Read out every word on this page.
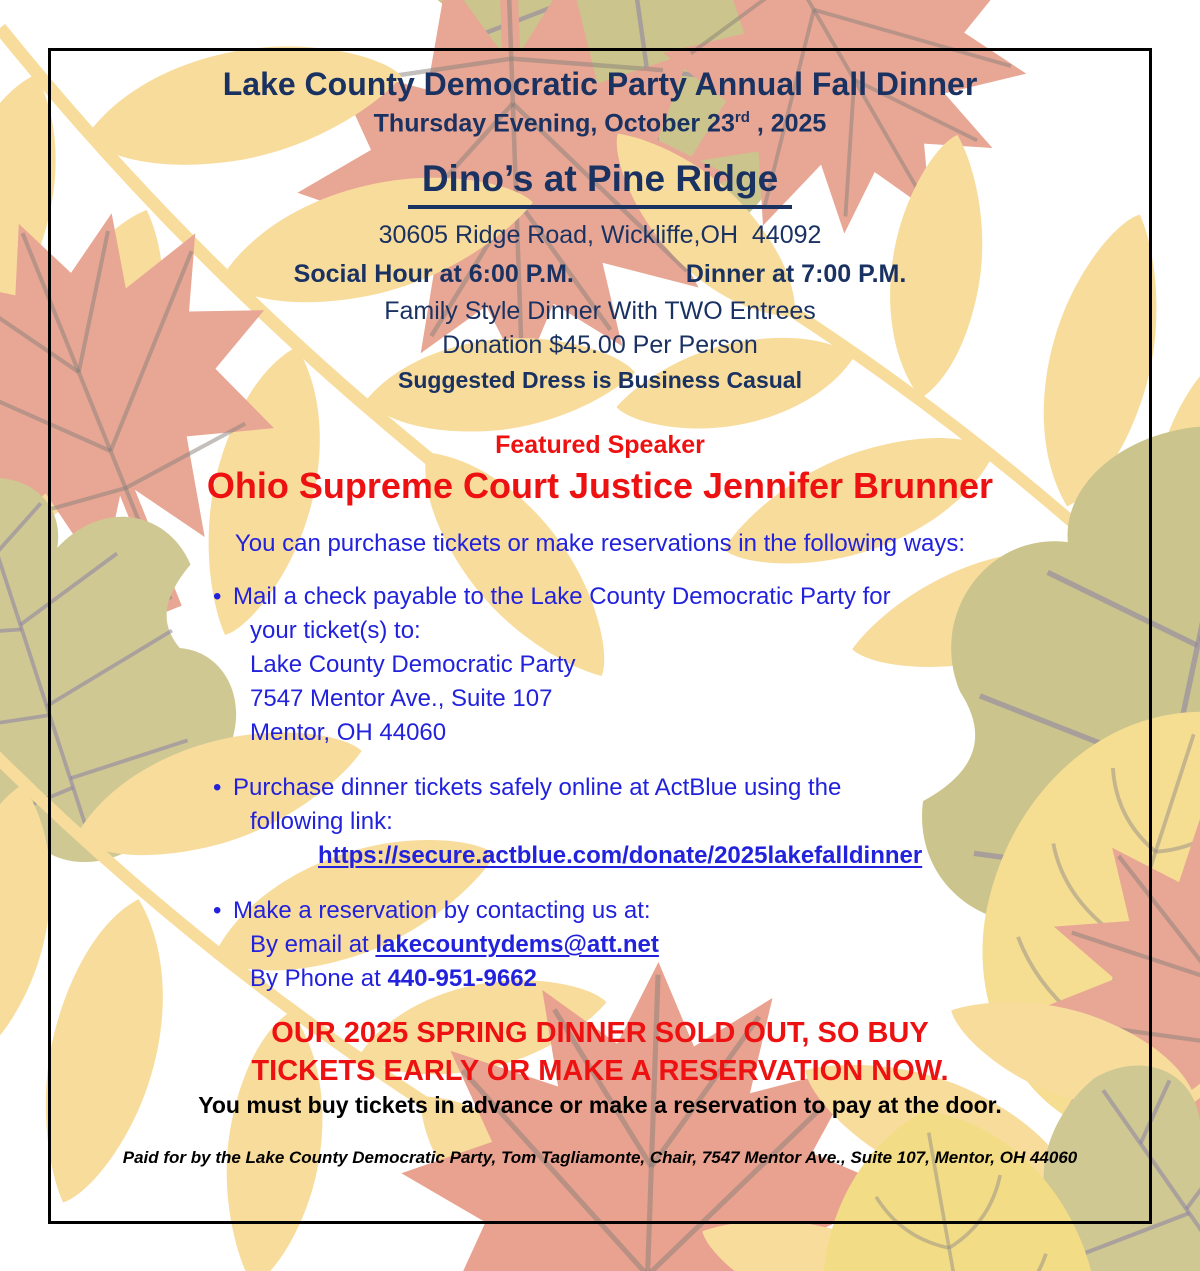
Lake County Democratic Party Annual Fall Dinner
Thursday Evening, October 23rd , 2025
Dino’s at Pine Ridge
30605 Ridge Road, Wickliffe,OH  44092
Social Hour at 6:00 P.M.	Dinner at 7:00 P.M.
Family Style Dinner With TWO Entrees
Donation $45.00 Per Person
Suggested Dress is Business Casual
Featured Speaker
Ohio Supreme Court Justice Jennifer Brunner
You can purchase tickets or make reservations in the following ways:
• Mail a check payable to the Lake County Democratic Party for
your ticket(s) to:
Lake County Democratic Party
7547 Mentor Ave., Suite 107
Mentor, OH 44060
• Purchase dinner tickets safely online at ActBlue using the
following link:
https://secure.actblue.com/donate/2025lakefalldinner
• Make a reservation by contacting us at:
By email at lakecountydems@att.net
By Phone at 440-951-9662
OUR 2025 SPRING DINNER SOLD OUT, SO BUY
TICKETS EARLY OR MAKE A RESERVATION NOW.
You must buy tickets in advance or make a reservation to pay at the door.
Paid for by the Lake County Democratic Party, Tom Tagliamonte, Chair, 7547 Mentor Ave., Suite 107, Mentor, OH 44060
